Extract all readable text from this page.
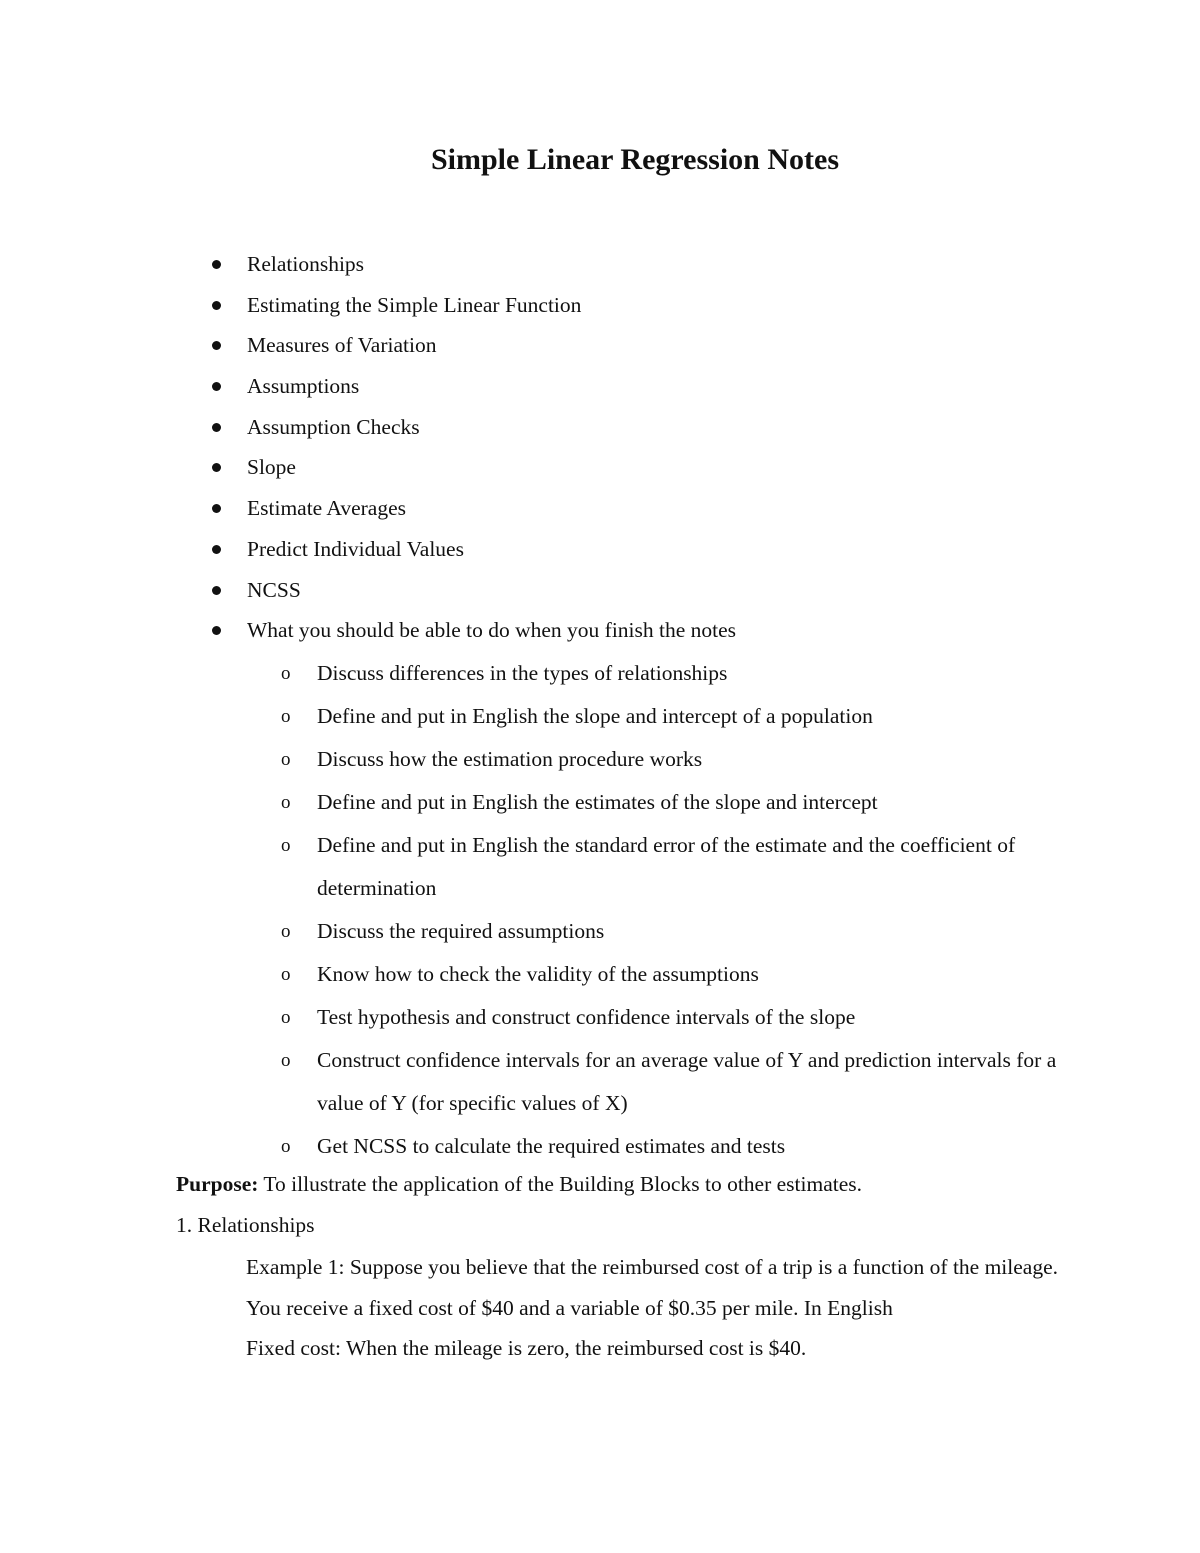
Simple Linear Regression Notes
Relationships
Estimating the Simple Linear Function
Measures of Variation
Assumptions
Assumption Checks
Slope
Estimate Averages
Predict Individual Values
NCSS
What you should be able to do when you finish the notes
o Discuss differences in the types of relationships
o Define and put in English the slope and intercept of a population
o Discuss how the estimation procedure works
o Define and put in English the estimates of the slope and intercept
o Define and put in English the standard error of the estimate and the coefficient of determination
o Discuss the required assumptions
o Know how to check the validity of the assumptions
o Test hypothesis and construct confidence intervals of the slope
o Construct confidence intervals for an average value of Y and prediction intervals for a value of Y (for specific values of X)
o Get NCSS to calculate the required estimates and tests
Purpose: To illustrate the application of the Building Blocks to other estimates.
1. Relationships

Example 1: Suppose you believe that the reimbursed cost of a trip is a function of the mileage.

You receive a fixed cost of $40 and a variable of $0.35 per mile. In English

Fixed cost: When the mileage is zero, the reimbursed cost is $40.
